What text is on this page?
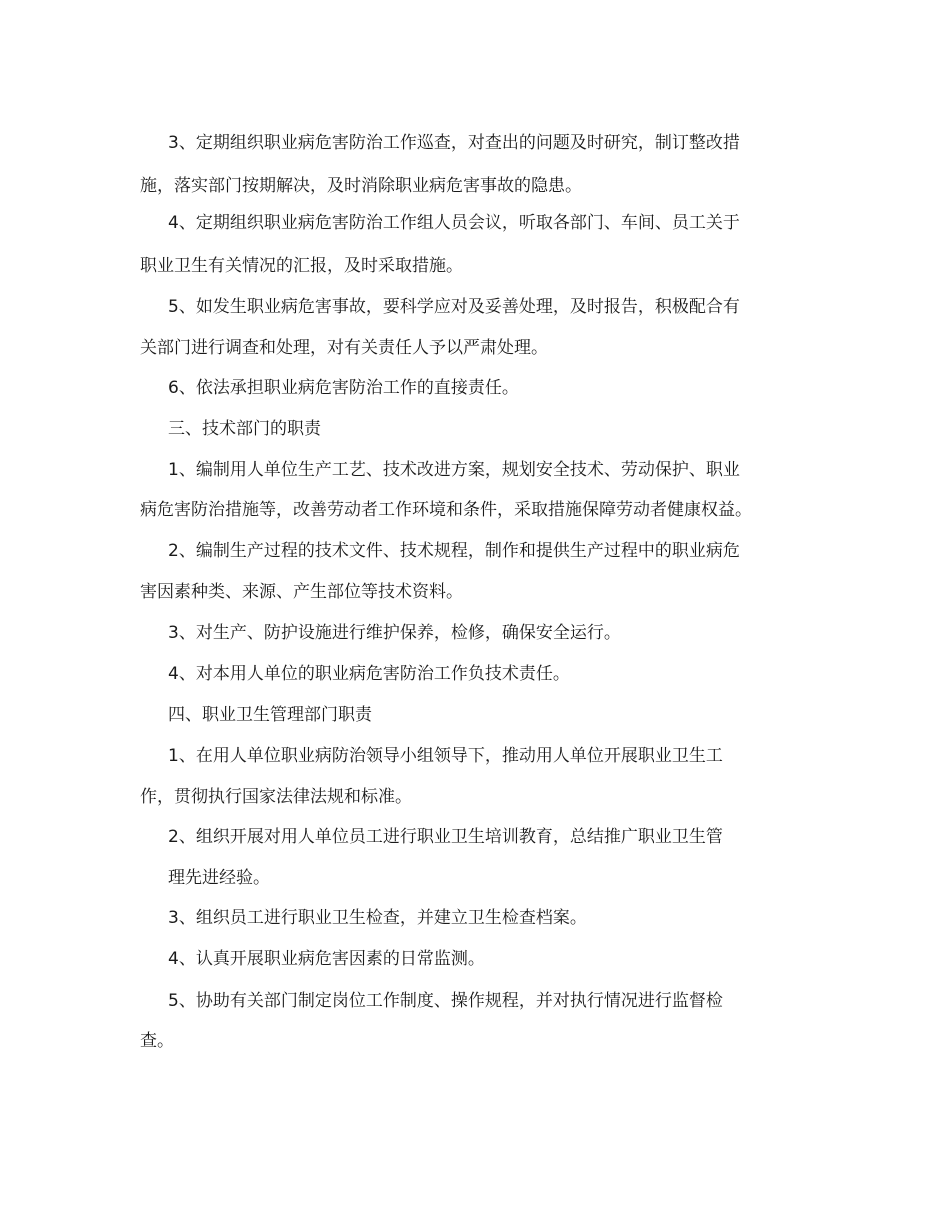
3、定期组织职业病危害防治工作巡查，对查出的问题及时研究，制订整改措

施，落实部门按期解决，及时消除职业病危害事故的隐患。

4、定期组织职业病危害防治工作组人员会议，听取各部门、车间、员工关于

职业卫生有关情况的汇报，及时采取措施。

5、如发生职业病危害事故，要科学应对及妥善处理，及时报告，积极配合有

关部门进行调查和处理，对有关责任人予以严肃处理。

6、依法承担职业病危害防治工作的直接责任。

三、技术部门的职责

1、编制用人单位生产工艺、技术改进方案，规划安全技术、劳动保护、职业

病危害防治措施等，改善劳动者工作环境和条件，采取措施保障劳动者健康权益。

2、编制生产过程的技术文件、技术规程，制作和提供生产过程中的职业病危

害因素种类、来源、产生部位等技术资料。

3、对生产、防护设施进行维护保养，检修，确保安全运行。

4、对本用人单位的职业病危害防治工作负技术责任。

四、职业卫生管理部门职责

1、在用人单位职业病防治领导小组领导下，推动用人单位开展职业卫生工

作，贯彻执行国家法律法规和标准。

2、组织开展对用人单位员工进行职业卫生培训教育，总结推广职业卫生管

理先进经验。

3、组织员工进行职业卫生检查，并建立卫生检查档案。

4、认真开展职业病危害因素的日常监测。

5、协助有关部门制定岗位工作制度、操作规程，并对执行情况进行监督检

查。
